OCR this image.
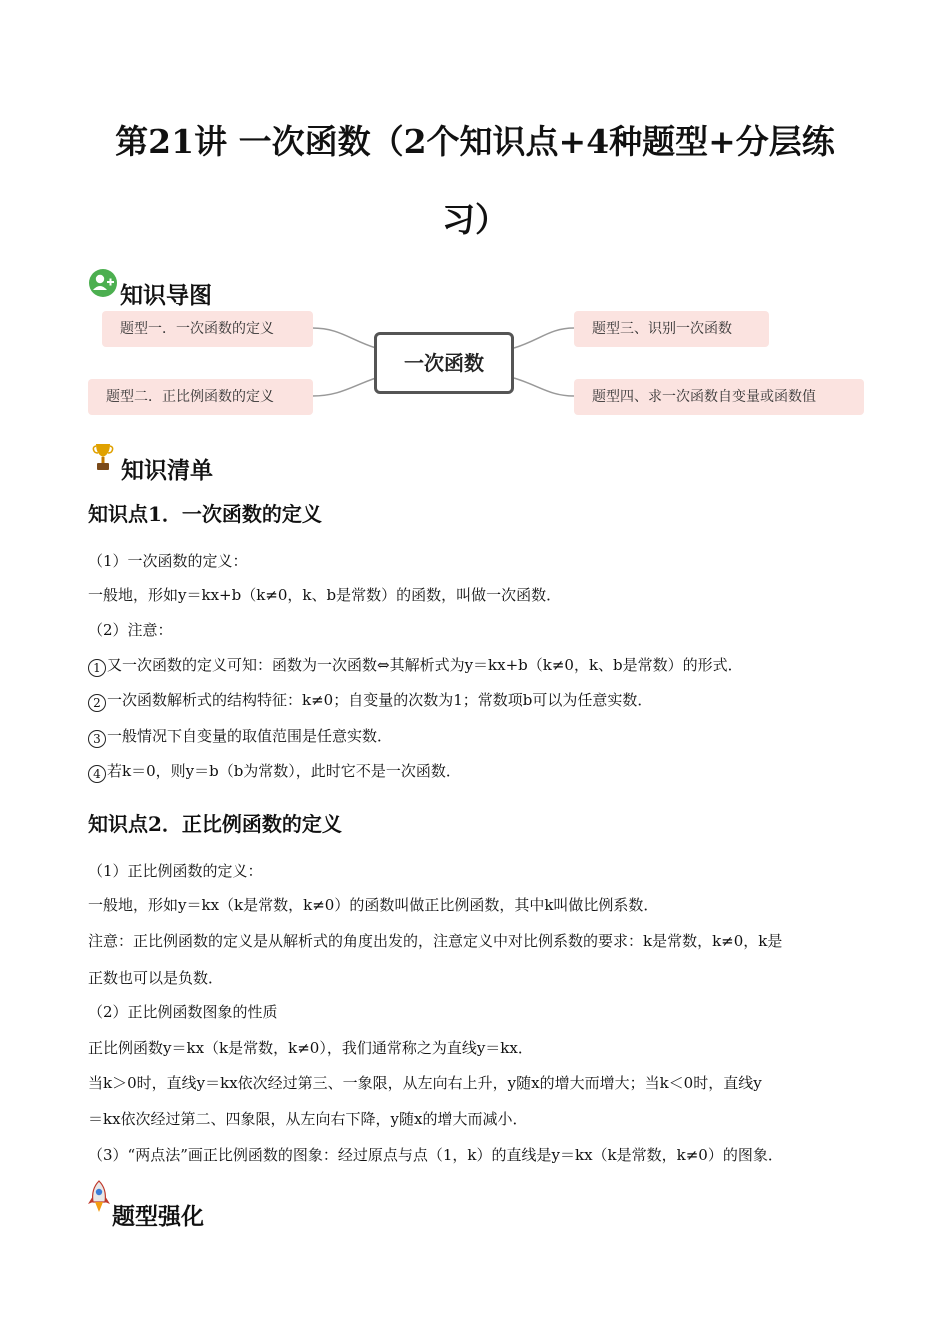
第21讲 一次函数（2个知识点+4种题型+分层练
习）
知识导图
题型一．一次函数的定义
题型二．正比例函数的定义
题型三、识别一次函数
题型四、求一次函数自变量或函数值
一次函数
知识清单
知识点1．一次函数的定义
（1）一次函数的定义：
一般地，形如y＝kx+b（k≠0，k、b是常数）的函数，叫做一次函数．
（2）注意：
1 又一次函数的定义可知：函数为一次函数⇔其解析式为y＝kx+b（k≠0，k、b是常数）的形式．
2 一次函数解析式的结构特征：k≠0；自变量的次数为1；常数项b可以为任意实数．
3 一般情况下自变量的取值范围是任意实数．
4 若k＝0，则y＝b（b为常数），此时它不是一次函数．
知识点2．正比例函数的定义
（1）正比例函数的定义：
一般地，形如y＝kx（k是常数，k≠0）的函数叫做正比例函数，其中k叫做比例系数．
注意：正比例函数的定义是从解析式的角度出发的，注意定义中对比例系数的要求：k是常数，k≠0，k是
正数也可以是负数．
（2）正比例函数图象的性质
正比例函数y＝kx（k是常数，k≠0），我们通常称之为直线y＝kx．
当k＞0时，直线y＝kx依次经过第三、一象限，从左向右上升，y随x的增大而增大；当k＜0时，直线y
＝kx依次经过第二、四象限，从左向右下降，y随x的增大而减小．
（3）“两点法”画正比例函数的图象：经过原点与点（1，k）的直线是y＝kx（k是常数，k≠0）的图象．
题型强化
